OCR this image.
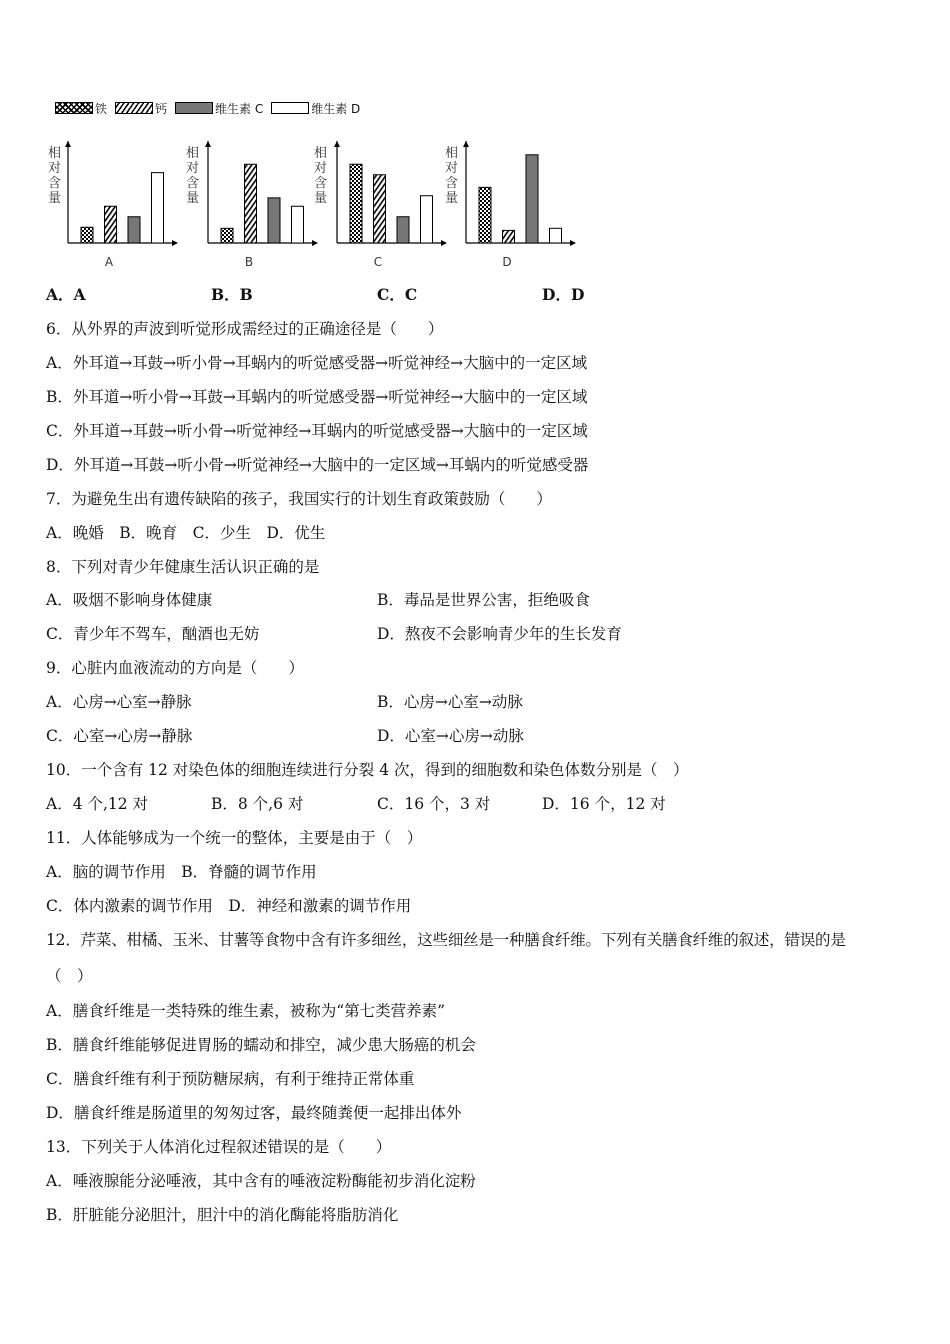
铁	钙	维生素 C	维生素 D
相对含量
A
相对含量
B
相对含量
C
相对含量
D
A．A	B．B	C．C	D．D
6．从外界的声波到听觉形成需经过的正确途径是（　　）
A．外耳道→耳鼓→听小骨→耳蜗内的听觉感受器→听觉神经→大脑中的一定区域
B．外耳道→听小骨→耳鼓→耳蜗内的听觉感受器→听觉神经→大脑中的一定区域
C．外耳道→耳鼓→听小骨→听觉神经→耳蜗内的听觉感受器→大脑中的一定区域
D．外耳道→耳鼓→听小骨→听觉神经→大脑中的一定区域→耳蜗内的听觉感受器
7．为避免生出有遗传缺陷的孩子，我国实行的计划生育政策鼓励（　　）
A．晚婚　B．晚育　C．少生　D．优生
8．下列对青少年健康生活认识正确的是
A．吸烟不影响身体健康	B．毒品是世界公害，拒绝吸食
C．青少年不驾车，酗酒也无妨	D．熬夜不会影响青少年的生长发育
9．心脏内血液流动的方向是（　　）
A．心房→心室→静脉	B．心房→心室→动脉
C．心室→心房→静脉	D．心室→心房→动脉
10．一个含有 12 对染色体的细胞连续进行分裂 4 次，得到的细胞数和染色体数分别是（　）
A．4 个,12 对	B．8 个,6 对	C．16 个，3 对	D．16 个，12 对
11．人体能够成为一个统一的整体，主要是由于（　）
A．脑的调节作用　B．脊髓的调节作用
C．体内激素的调节作用　D．神经和激素的调节作用
12．芹菜、柑橘、玉米、甘薯等食物中含有许多细丝，这些细丝是一种膳食纤维。下列有关膳食纤维的叙述，错误的是
（　）
A．膳食纤维是一类特殊的维生素，被称为“第七类营养素”
B．膳食纤维能够促进胃肠的蠕动和排空，减少患大肠癌的机会
C．膳食纤维有利于预防糖尿病，有利于维持正常体重
D．膳食纤维是肠道里的匆匆过客，最终随粪便一起排出体外
13．下列关于人体消化过程叙述错误的是（　　）
A．唾液腺能分泌唾液，其中含有的唾液淀粉酶能初步消化淀粉
B．肝脏能分泌胆汁，胆汁中的消化酶能将脂肪消化
